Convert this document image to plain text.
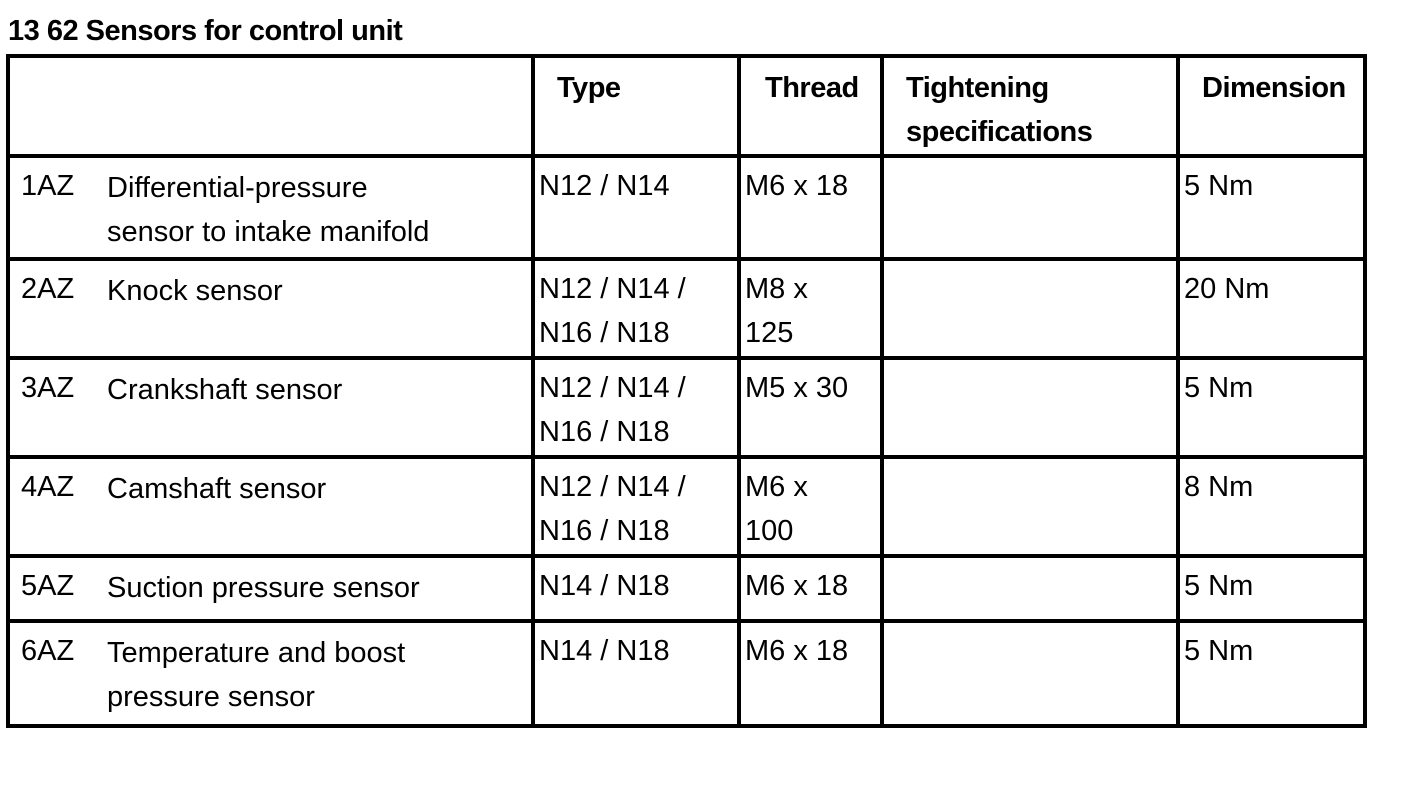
13 62 Sensors for control unit

	Type	Thread	Tightening
specifications	Dimension

1AZ Differential-pressure
sensor to intake manifold	N12 / N14	M6 x 18		5 Nm

2AZ Knock sensor	N12 / N14 /
N16 / N18	M8 x
125		20 Nm

3AZ Crankshaft sensor	N12 / N14 /
N16 / N18	M5 x 30		5 Nm

4AZ Camshaft sensor	N12 / N14 /
N16 / N18	M6 x
100		8 Nm

5AZ Suction pressure sensor	N14 / N18	M6 x 18		5 Nm

6AZ Temperature and boost
pressure sensor	N14 / N18	M6 x 18		5 Nm
